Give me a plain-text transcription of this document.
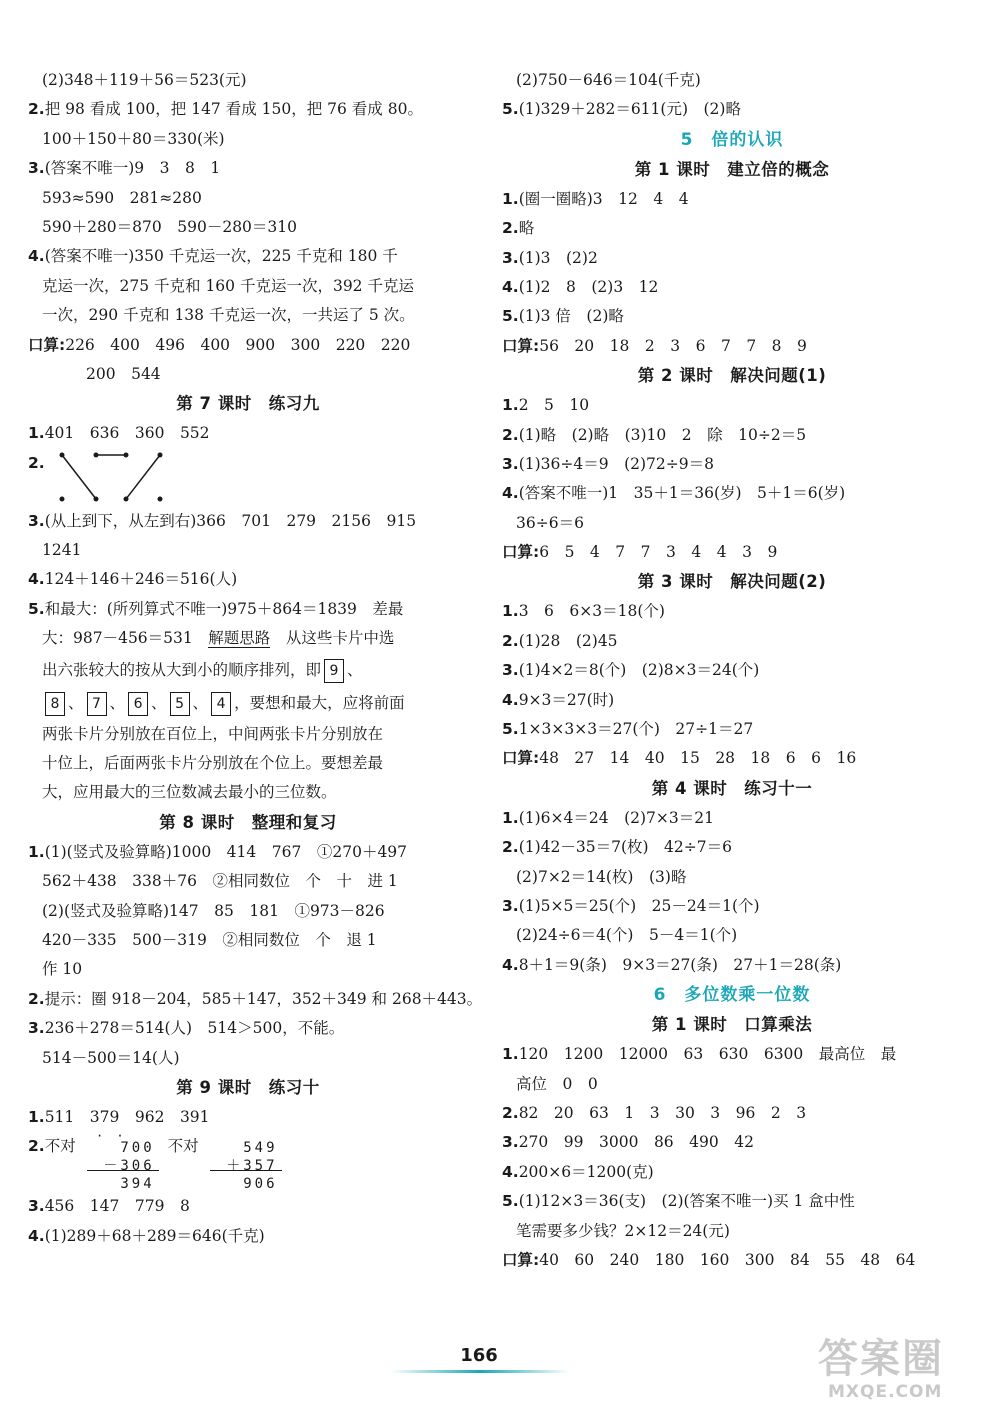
(2)348＋119＋56＝523(元)
2.把 98 看成 100，把 147 看成 150，把 76 看成 80。
100＋150＋80＝330(米)
3.(答案不唯一)9　3　8　1
593≈590　281≈280
590＋280＝870　590－280＝310
4.(答案不唯一)350 千克运一次，225 千克和 180 千
克运一次，275 千克和 160 千克运一次，392 千克运
一次，290 千克和 138 千克运一次，一共运了 5 次。
口算:226　400　496　400　900　300　220　220
200　544
第 7 课时　练习九
1.401　636　360　552
2.
3.(从上到下，从左到右)366　701　279　2156　915
1241
4.124＋146＋246＝516(人)
5.和最大：(所列算式不唯一)975＋864＝1839　差最
大：987－456＝531　 解题思路　 从这些卡片中选
出六张较大的按从大到小的顺序排列，即 9 、
8 、 7 、 6 、 5 、 4 ，要想和最大，应将前面
两张卡片分别放在百位上，中间两张卡片分别放在
十位上，后面两张卡片分别放在个位上。要想差最
大，应用最大的三位数减去最小的三位数。
第 8 课时　整理和复习
1.(1)(竖式及验算略)1000　414　767　①270＋497
562＋438　338＋76　②相同数位　个　十　进 1
(2)(竖式及验算略)147　85　181　①973－826
420－335　500－319　②相同数位　个　退 1
作 10
2.提示：圈 918－204，585＋147，352＋349 和 268＋443。
3.236＋278＝514(人)　514＞500，不能。
514－500＝14(人)
第 9 课时　练习十
1.511　379　962　391
2.不对
· ·
700
－306
394
不对	549
＋357
906
3.456　147　779　8
4.(1)289＋68＋289＝646(千克)
(2)750－646＝104(千克)
5.(1)329＋282＝611(元)　(2)略
5　倍的认识
第 1 课时　建立倍的概念
1.(圈一圈略)3　12　4　4
2.略
3.(1)3　(2)2
4.(1)2　8　(2)3　12
5.(1)3 倍　(2)略
口算:56　20　18　2　3　6　7　7　8　9
第 2 课时　解决问题(1)
1.2　5　10
2.(1)略　(2)略　(3)10　2　除　10÷2＝5
3.(1)36÷4＝9　(2)72÷9＝8
4.(答案不唯一)1　35＋1＝36(岁)　5＋1＝6(岁)
36÷6＝6
口算:6　5　4　7　7　3　4　4　3　9
第 3 课时　解决问题(2)
1.3　6　6×3＝18(个)
2.(1)28　(2)45
3.(1)4×2＝8(个)　(2)8×3＝24(个)
4.9×3＝27(时)
5.1×3×3×3＝27(个)　27÷1＝27
口算:48　27　14　40　15　28　18　6　6　16
第 4 课时　练习十一
1.(1)6×4＝24　(2)7×3＝21
2.(1)42－35＝7(枚)　42÷7＝6
(2)7×2＝14(枚)　(3)略
3.(1)5×5＝25(个)　25－24＝1(个)
(2)24÷6＝4(个)　5－4＝1(个)
4.8＋1＝9(条)　9×3＝27(条)　27＋1＝28(条)
6　多位数乘一位数
第 1 课时　口算乘法
1.120　1200　12000　63　630　6300　最高位　最
高位　0　0
2.82　20　63　1　3　30　3　96　2　3
3.270　99　3000　86　490　42
4.200×6＝1200(克)
5.(1)12×3＝36(支)　(2)(答案不唯一)买 1 盒中性
笔需要多少钱？2×12＝24(元)
口算:40　60　240　180　160　300　84　55　48　64
166	答案圈
MXQE.COM
